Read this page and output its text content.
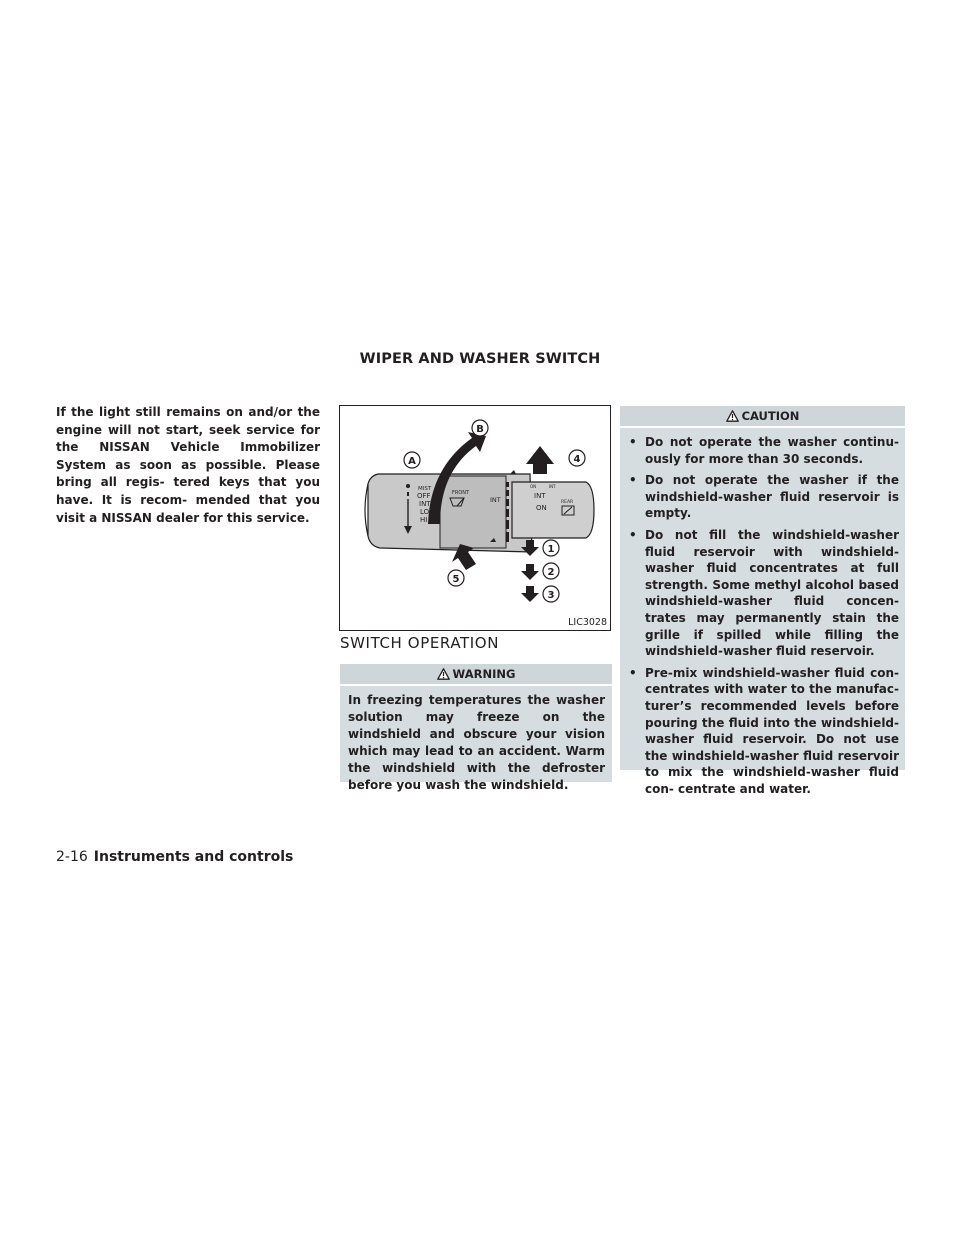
WIPER AND WASHER SWITCH
If the light still remains on and/or the engine will not start, seek service for the NISSAN Vehicle Immobilizer System as soon as possible. Please bring all regis- tered keys that you have. It is recom- mended that you visit a NISSAN dealer for this service.
A
B
1
2
3
4
5
MIST
OFF
INT
LO
HI
FRONT
INT	INT
ON
REAR
ON	INT
LIC3028
SWITCH OPERATION
WARNING
In freezing temperatures the washer solution may freeze on the windshield and obscure your vision which may lead to an accident. Warm the windshield with the defroster before you wash the windshield.
CAUTION
• Do not operate the washer continu- ously for more than 30 seconds.
• Do not operate the washer if the windshield-washer fluid reservoir is empty.
• Do not fill the windshield-washer fluid reservoir with windshield-washer fluid concentrates at full strength. Some methyl alcohol based windshield-washer fluid concen- trates may permanently stain the grille if spilled while filling the windshield-washer fluid reservoir.
• Pre-mix windshield-washer fluid con- centrates with water to the manufac- turer’s recommended levels before pouring the fluid into the windshield- washer fluid reservoir. Do not use the windshield-washer fluid reservoir to mix the windshield-washer fluid con- centrate and water.
2-16 Instruments and controls
